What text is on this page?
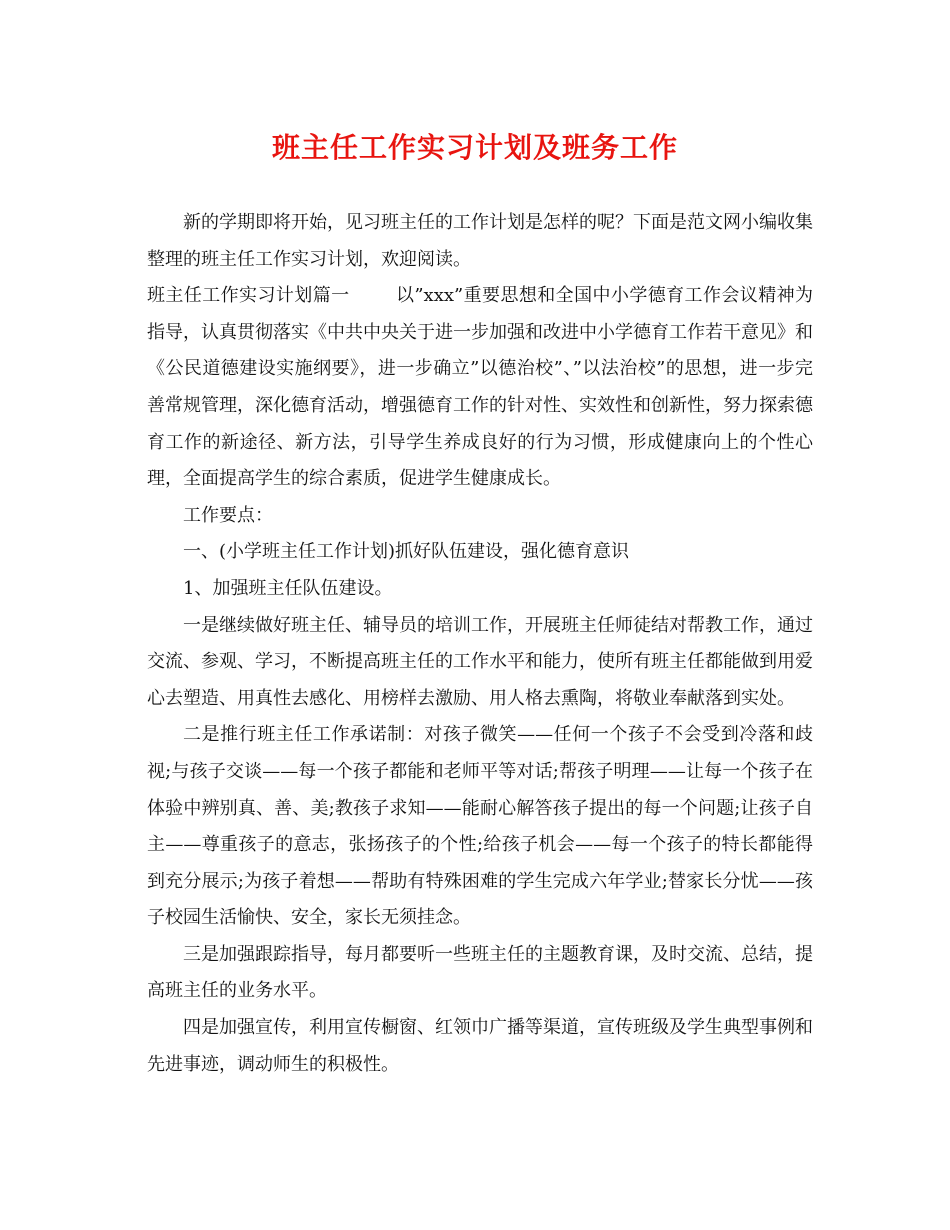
班主任工作实习计划及班务工作

新的学期即将开始，见习班主任的工作计划是怎样的呢？下面是范文网小编收集整理的班主任工作实习计划，欢迎阅读。

班主任工作实习计划篇一	以”xxx”重要思想和全国中小学德育工作会议精神为指导，认真贯彻落实《中共中央关于进一步加强和改进中小学德育工作若干意见》和《公民道德建设实施纲要》，进一步确立”以德治校”、”以法治校”的思想，进一步完善常规管理，深化德育活动，增强德育工作的针对性、实效性和创新性，努力探索德育工作的新途径、新方法，引导学生养成良好的行为习惯，形成健康向上的个性心理，全面提高学生的综合素质，促进学生健康成长。

工作要点：

一、(小学班主任工作计划)抓好队伍建设，强化德育意识

1、加强班主任队伍建设。

一是继续做好班主任、辅导员的培训工作，开展班主任师徒结对帮教工作，通过交流、参观、学习，不断提高班主任的工作水平和能力，使所有班主任都能做到用爱心去塑造、用真性去感化、用榜样去激励、用人格去熏陶，将敬业奉献落到实处。

二是推行班主任工作承诺制：对孩子微笑——任何一个孩子不会受到冷落和歧视;与孩子交谈——每一个孩子都能和老师平等对话;帮孩子明理——让每一个孩子在体验中辨别真、善、美;教孩子求知——能耐心解答孩子提出的每一个问题;让孩子自主——尊重孩子的意志，张扬孩子的个性;给孩子机会——每一个孩子的特长都能得到充分展示;为孩子着想——帮助有特殊困难的学生完成六年学业;替家长分忧——孩子校园生活愉快、安全，家长无须挂念。

三是加强跟踪指导，每月都要听一些班主任的主题教育课，及时交流、总结，提高班主任的业务水平。

四是加强宣传，利用宣传橱窗、红领巾广播等渠道，宣传班级及学生典型事例和先进事迹，调动师生的积极性。
